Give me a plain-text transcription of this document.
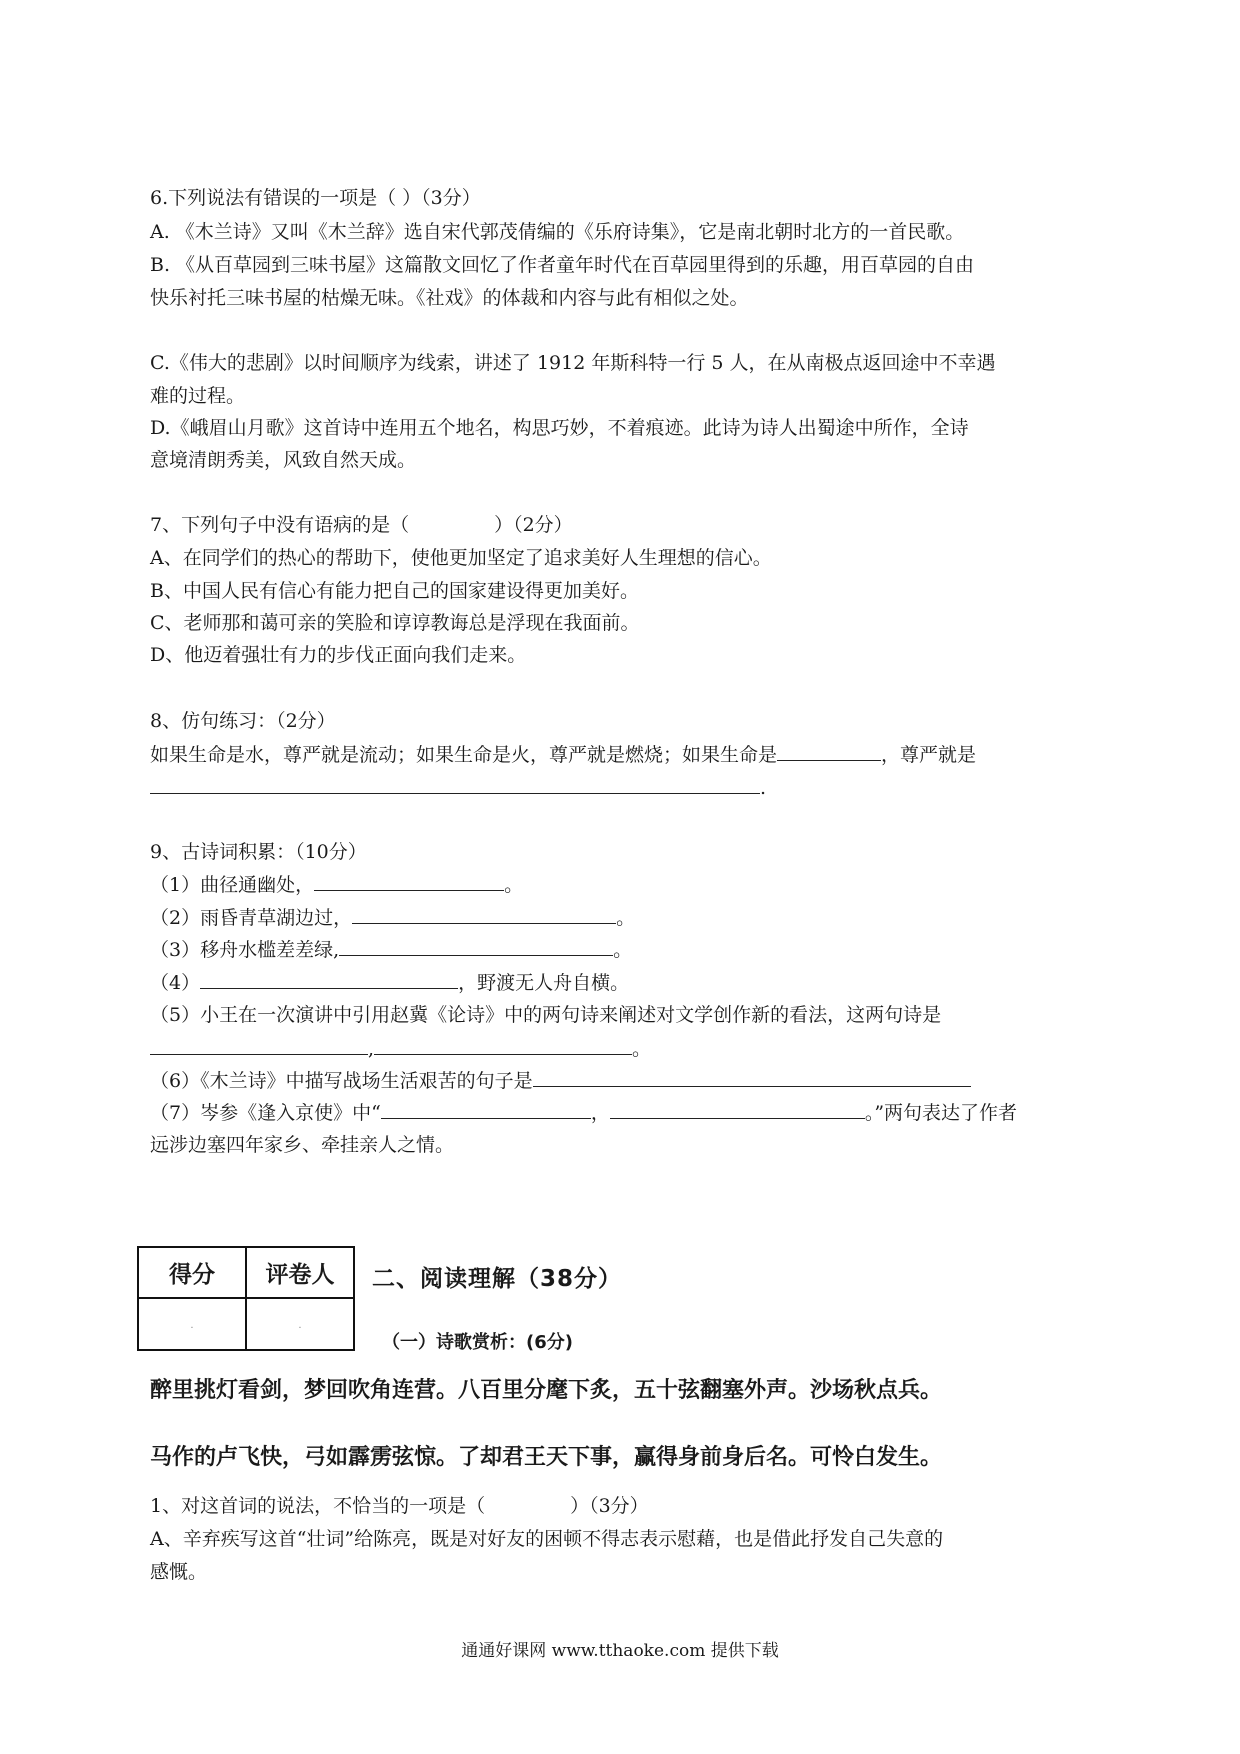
6.下列说法有错误的一项是（ ）（3分）
A. 《木兰诗》又叫《木兰辞》选自宋代郭茂倩编的《乐府诗集》，它是南北朝时北方的一首民歌。
B. 《从百草园到三味书屋》这篇散文回忆了作者童年时代在百草园里得到的乐趣，用百草园的自由
快乐衬托三味书屋的枯燥无味。《社戏》的体裁和内容与此有相似之处。
C.《伟大的悲剧》以时间顺序为线索，讲述了 1912 年斯科特一行 5 人，在从南极点返回途中不幸遇
难的过程。
D.《峨眉山月歌》这首诗中连用五个地名，构思巧妙，不着痕迹。此诗为诗人出蜀途中所作，全诗
意境清朗秀美，风致自然天成。
7、下列句子中没有语病的是（	）（2分）
A、在同学们的热心的帮助下，使他更加坚定了追求美好人生理想的信心。
B、中国人民有信心有能力把自己的国家建设得更加美好。
C、老师那和蔼可亲的笑脸和谆谆教诲总是浮现在我面前。
D、他迈着强壮有力的步伐正面向我们走来。
8、仿句练习：（2分）
如果生命是水，尊严就是流动；如果生命是火，尊严就是燃烧；如果生命是	，尊严就是
.
9、古诗词积累：（10分）
（1）曲径通幽处，	。
（2）雨昏青草湖边过，	。
（3）移舟水槛差差绿,	。
（4）	，野渡无人舟自横。
（5）小王在一次演讲中引用赵冀《论诗》中的两句诗来阐述对文学创作新的看法，这两句诗是
,	。
（6）《木兰诗》中描写战场生活艰苦的句子是
（7）岑参《逢入京使》中“	，	。”两句表达了作者
远涉边塞四年家乡、牵挂亲人之情。
得分	评卷人
·	·
二、阅读理解（38分）
（一）诗歌赏析：(6分)
醉里挑灯看剑，梦回吹角连营。八百里分麾下炙，五十弦翻塞外声。沙场秋点兵。
马作的卢飞快，弓如霹雳弦惊。了却君王天下事，赢得身前身后名。可怜白发生。
1、对这首词的说法，不恰当的一项是（	）（3分）
A、辛弃疾写这首“壮词”给陈亮，既是对好友的困顿不得志表示慰藉，也是借此抒发自己失意的
感慨。
通通好课网 www.tthaoke.com 提供下载
